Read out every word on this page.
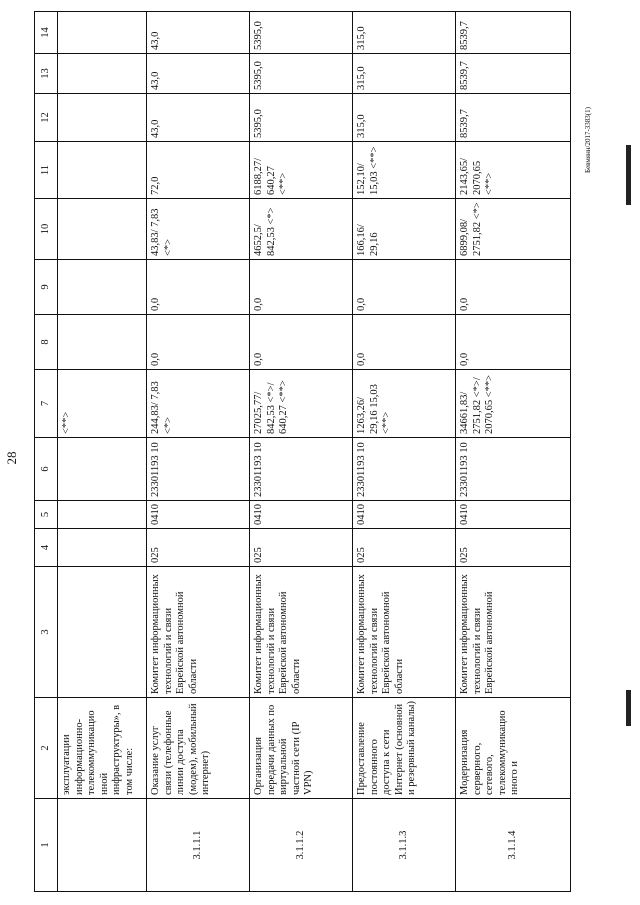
28
Бевмянн/2017-3383(1)
1	2	3	4	5	6	7	8	9	10	11	12	13	14
	эксплуатации информационно-телекоммуникацио нной инфраструктуры», в том числе:					<**>							
3.1.1.1	Оказание услуг связи (телефонные линии доступа (модем), мобильный интернет)	Комитет информационных технологий и связи Еврейской автономной области	025	0410	23301193 10	244,83/ 7,83 <*>	0,0	0,0	43,83/ 7,83 <*>	72,0	43,0	43,0	43,0
3.1.1.2	Организация передачи данных по виртуальной частной сети (IP VPN)	Комитет информационных технологий и связи Еврейской автономной области	025	0410	23301193 10	27025,77/ 842,53 <*>/ 640,27 <**>	0,0	0,0	4652,5/ 842,53 <*>	6188,27/ 640,27 <**>	5395,0	5395,0	5395,0
3.1.1.3	Предоставление постоянного доступа к сети Интернет (основной и резервный каналы)	Комитет информационных технологий и связи Еврейской автономной области	025	0410	23301193 10	1263,26/ 29,16 15,03 <**>	0,0	0,0	166,16/ 29,16	152,10/ 15,03 <**>	315,0	315,0	315,0
3.1.1.4	Модернизация серверного, сетевого, телекоммуникацио нного и	Комитет информационных технологий и связи Еврейской автономной	025	0410	23301193 10	34661,83/ 2751,82 <*>/ 2070,65 <**>	0,0	0,0	6899,08/ 2751,82 <*>	2143,65/ 2070,65 <**>	8539,7	8539,7	8539,7
